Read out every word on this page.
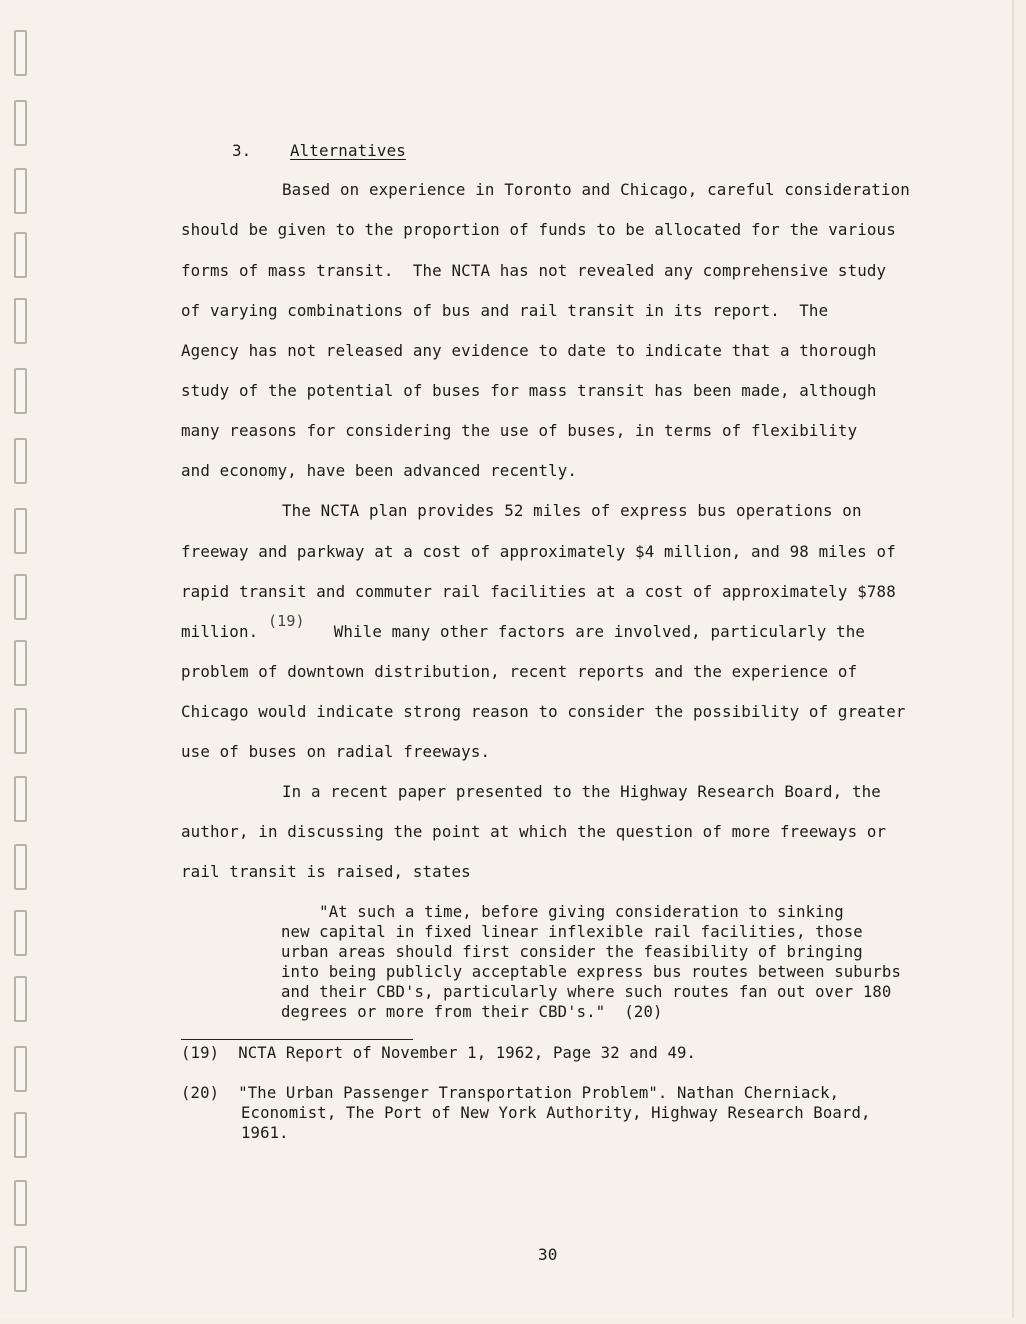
3. Alternatives
Based on experience in Toronto and Chicago, careful consideration
should be given to the proportion of funds to be allocated for the various
forms of mass transit.  The NCTA has not revealed any comprehensive study
of varying combinations of bus and rail transit in its report.  The
Agency has not released any evidence to date to indicate that a thorough
study of the potential of buses for mass transit has been made, although
many reasons for considering the use of buses, in terms of flexibility
and economy, have been advanced recently.
The NCTA plan provides 52 miles of express bus operations on
freeway and parkway at a cost of approximately $4 million, and 98 miles of
rapid transit and commuter rail facilities at a cost of approximately $788
million. (19)   While many other factors are involved, particularly the
problem of downtown distribution, recent reports and the experience of
Chicago would indicate strong reason to consider the possibility of greater
use of buses on radial freeways.
In a recent paper presented to the Highway Research Board, the
author, in discussing the point at which the question of more freeways or
rail transit is raised, states
"At such a time, before giving consideration to sinking
new capital in fixed linear inflexible rail facilities, those
urban areas should first consider the feasibility of bringing
into being publicly acceptable express bus routes between suburbs
and their CBD's, particularly where such routes fan out over 180
degrees or more from their CBD's."  (20)
(19) NCTA Report of November 1, 1962, Page 32 and 49.
(20) "The Urban Passenger Transportation Problem". Nathan Cherniack,
Economist, The Port of New York Authority, Highway Research Board,
1961.
30
